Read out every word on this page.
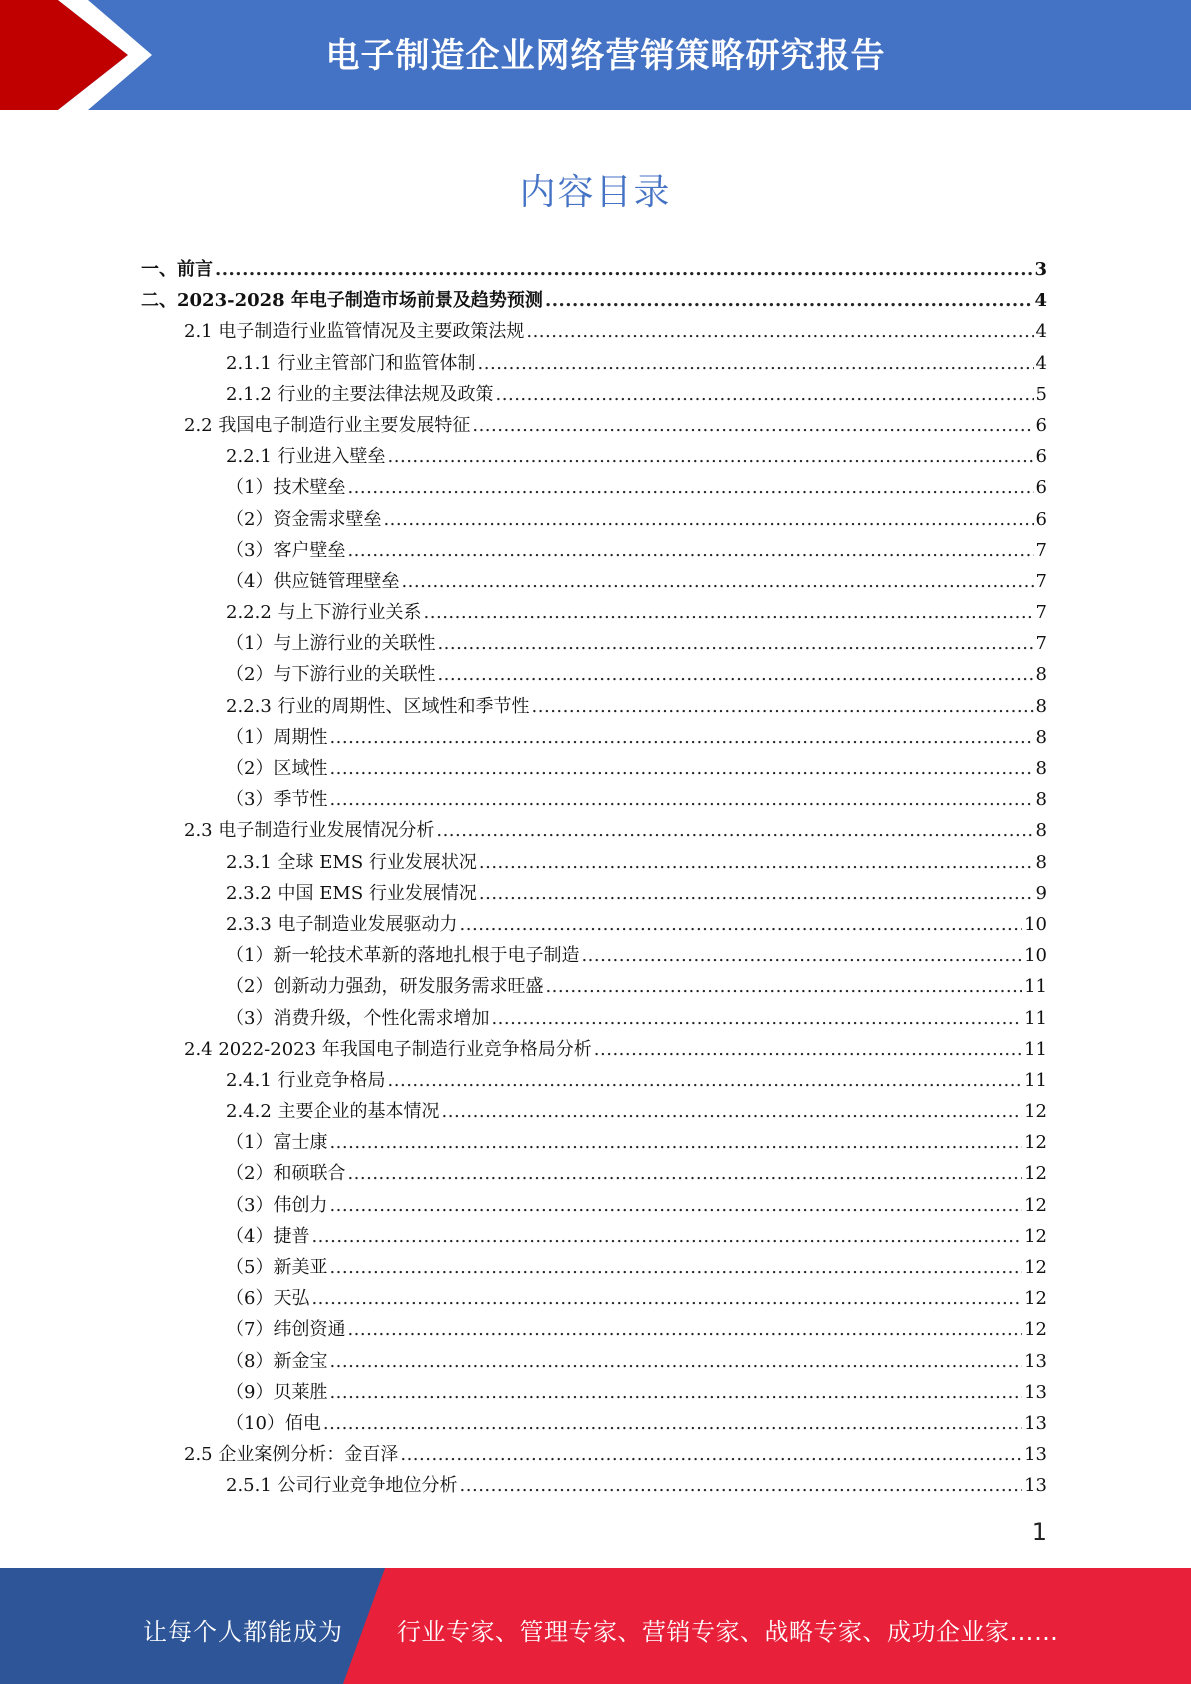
电子制造企业网络营销策略研究报告
内容目录
一、前言 .....	3
二、2023-2028 年电子制造市场前景及趋势预测 .....	4
2.1 电子制造行业监管情况及主要政策法规 .....	4
2.1.1 行业主管部门和监管体制 .....	4
2.1.2 行业的主要法律法规及政策 .....	5
2.2 我国电子制造行业主要发展特征 .....	6
2.2.1 行业进入壁垒 .....	6
（1）技术壁垒 .....	6
（2）资金需求壁垒 .....	6
（3）客户壁垒 .....	7
（4）供应链管理壁垒 .....	7
2.2.2 与上下游行业关系 .....	7
（1）与上游行业的关联性 .....	7
（2）与下游行业的关联性 .....	8
2.2.3 行业的周期性、区域性和季节性 .....	8
（1）周期性 .....	8
（2）区域性 .....	8
（3）季节性 .....	8
2.3 电子制造行业发展情况分析 .....	8
2.3.1 全球 EMS 行业发展状况 .....	8
2.3.2 中国 EMS 行业发展情况 .....	9
2.3.3 电子制造业发展驱动力 .....	10
（1）新一轮技术革新的落地扎根于电子制造 .....	10
（2）创新动力强劲，研发服务需求旺盛 .....	11
（3）消费升级，个性化需求增加 .....	11
2.4 2022-2023 年我国电子制造行业竞争格局分析 .....	11
2.4.1 行业竞争格局 .....	11
2.4.2 主要企业的基本情况 .....	12
（1）富士康 .....	12
（2）和硕联合 .....	12
（3）伟创力 .....	12
（4）捷普 .....	12
（5）新美亚 .....	12
（6）天弘 .....	12
（7）纬创资通 .....	12
（8）新金宝 .....	13
（9）贝莱胜 .....	13
（10）佰电 .....	13
2.5 企业案例分析：金百泽 .....	13
2.5.1 公司行业竞争地位分析 .....	13
1
让每个人都能成为 行业专家、管理专家、营销专家、战略专家、成功企业家……
